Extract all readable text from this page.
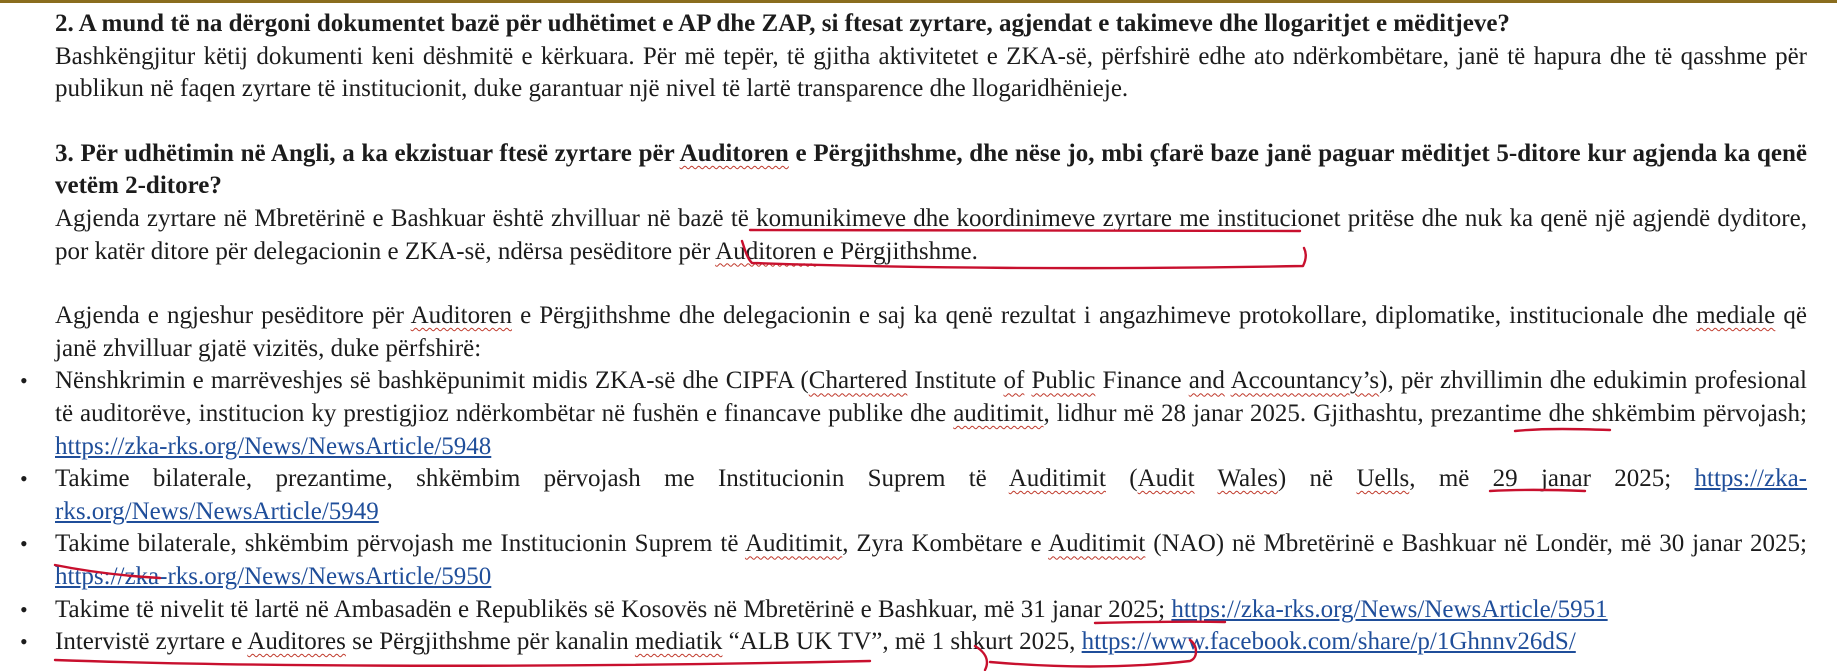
2. A mund të na dërgoni dokumentet bazë për udhëtimet e AP dhe ZAP, si ftesat zyrtare, agjendat e takimeve dhe llogaritjet e mëditjeve?

Bashkëngjitur këtij dokumenti keni dëshmitë e kërkuara. Për më tepër, të gjitha aktivitetet e ZKA-së, përfshirë edhe ato ndërkombëtare, janë të hapura dhe të qasshme për publikun në faqen zyrtare të institucionit, duke garantuar një nivel të lartë transparence dhe llogaridhënieje.

3. Për udhëtimin në Angli, a ka ekzistuar ftesë zyrtare për Auditoren e Përgjithshme, dhe nëse jo, mbi çfarë baze janë paguar mëditjet 5-ditore kur agjenda ka qenë vetëm 2-ditore?

Agjenda zyrtare në Mbretërinë e Bashkuar është zhvilluar në bazë të komunikimeve dhe koordinimeve zyrtare me institucionet pritëse dhe nuk ka qenë një agjendë dyditore, por katër ditore për delegacionin e ZKA-së, ndërsa pesëditore për Auditoren e Përgjithshme.

Agjenda e ngjeshur pesëditore për Auditoren e Përgjithshme dhe delegacionin e saj ka qenë rezultat i angazhimeve protokollare, diplomatike, institucionale dhe mediale që janë zhvilluar gjatë vizitës, duke përfshirë:

• Nënshkrimin e marrëveshjes së bashkëpunimit midis ZKA-së dhe CIPFA (Chartered Institute of Public Finance and Accountancy’s), për zhvillimin dhe edukimin profesional të auditorëve, institucion ky prestigjioz ndërkombëtar në fushën e financave publike dhe auditimit, lidhur më 28 janar 2025. Gjithashtu, prezantime dhe shkëmbim përvojash; https://zka-rks.org/News/NewsArticle/5948
• Takime bilaterale, prezantime, shkëmbim përvojash me Institucionin Suprem të Auditimit (Audit Wales) në Uells, më 29 janar 2025; https://zka-rks.org/News/NewsArticle/5949
• Takime bilaterale, shkëmbim përvojash me Institucionin Suprem të Auditimit, Zyra Kombëtare e Auditimit (NAO) në Mbretërinë e Bashkuar në Londër, më 30 janar 2025; https://zka-rks.org/News/NewsArticle/5950
• Takime të nivelit të lartë në Ambasadën e Republikës së Kosovës në Mbretërinë e Bashkuar, më 31 janar 2025; https://zka-rks.org/News/NewsArticle/5951
• Intervistë zyrtare e Auditores se Përgjithshme për kanalin mediatik “ALB UK TV”, më 1 shkurt 2025, https://www.facebook.com/share/p/1Ghnnv26dS/
